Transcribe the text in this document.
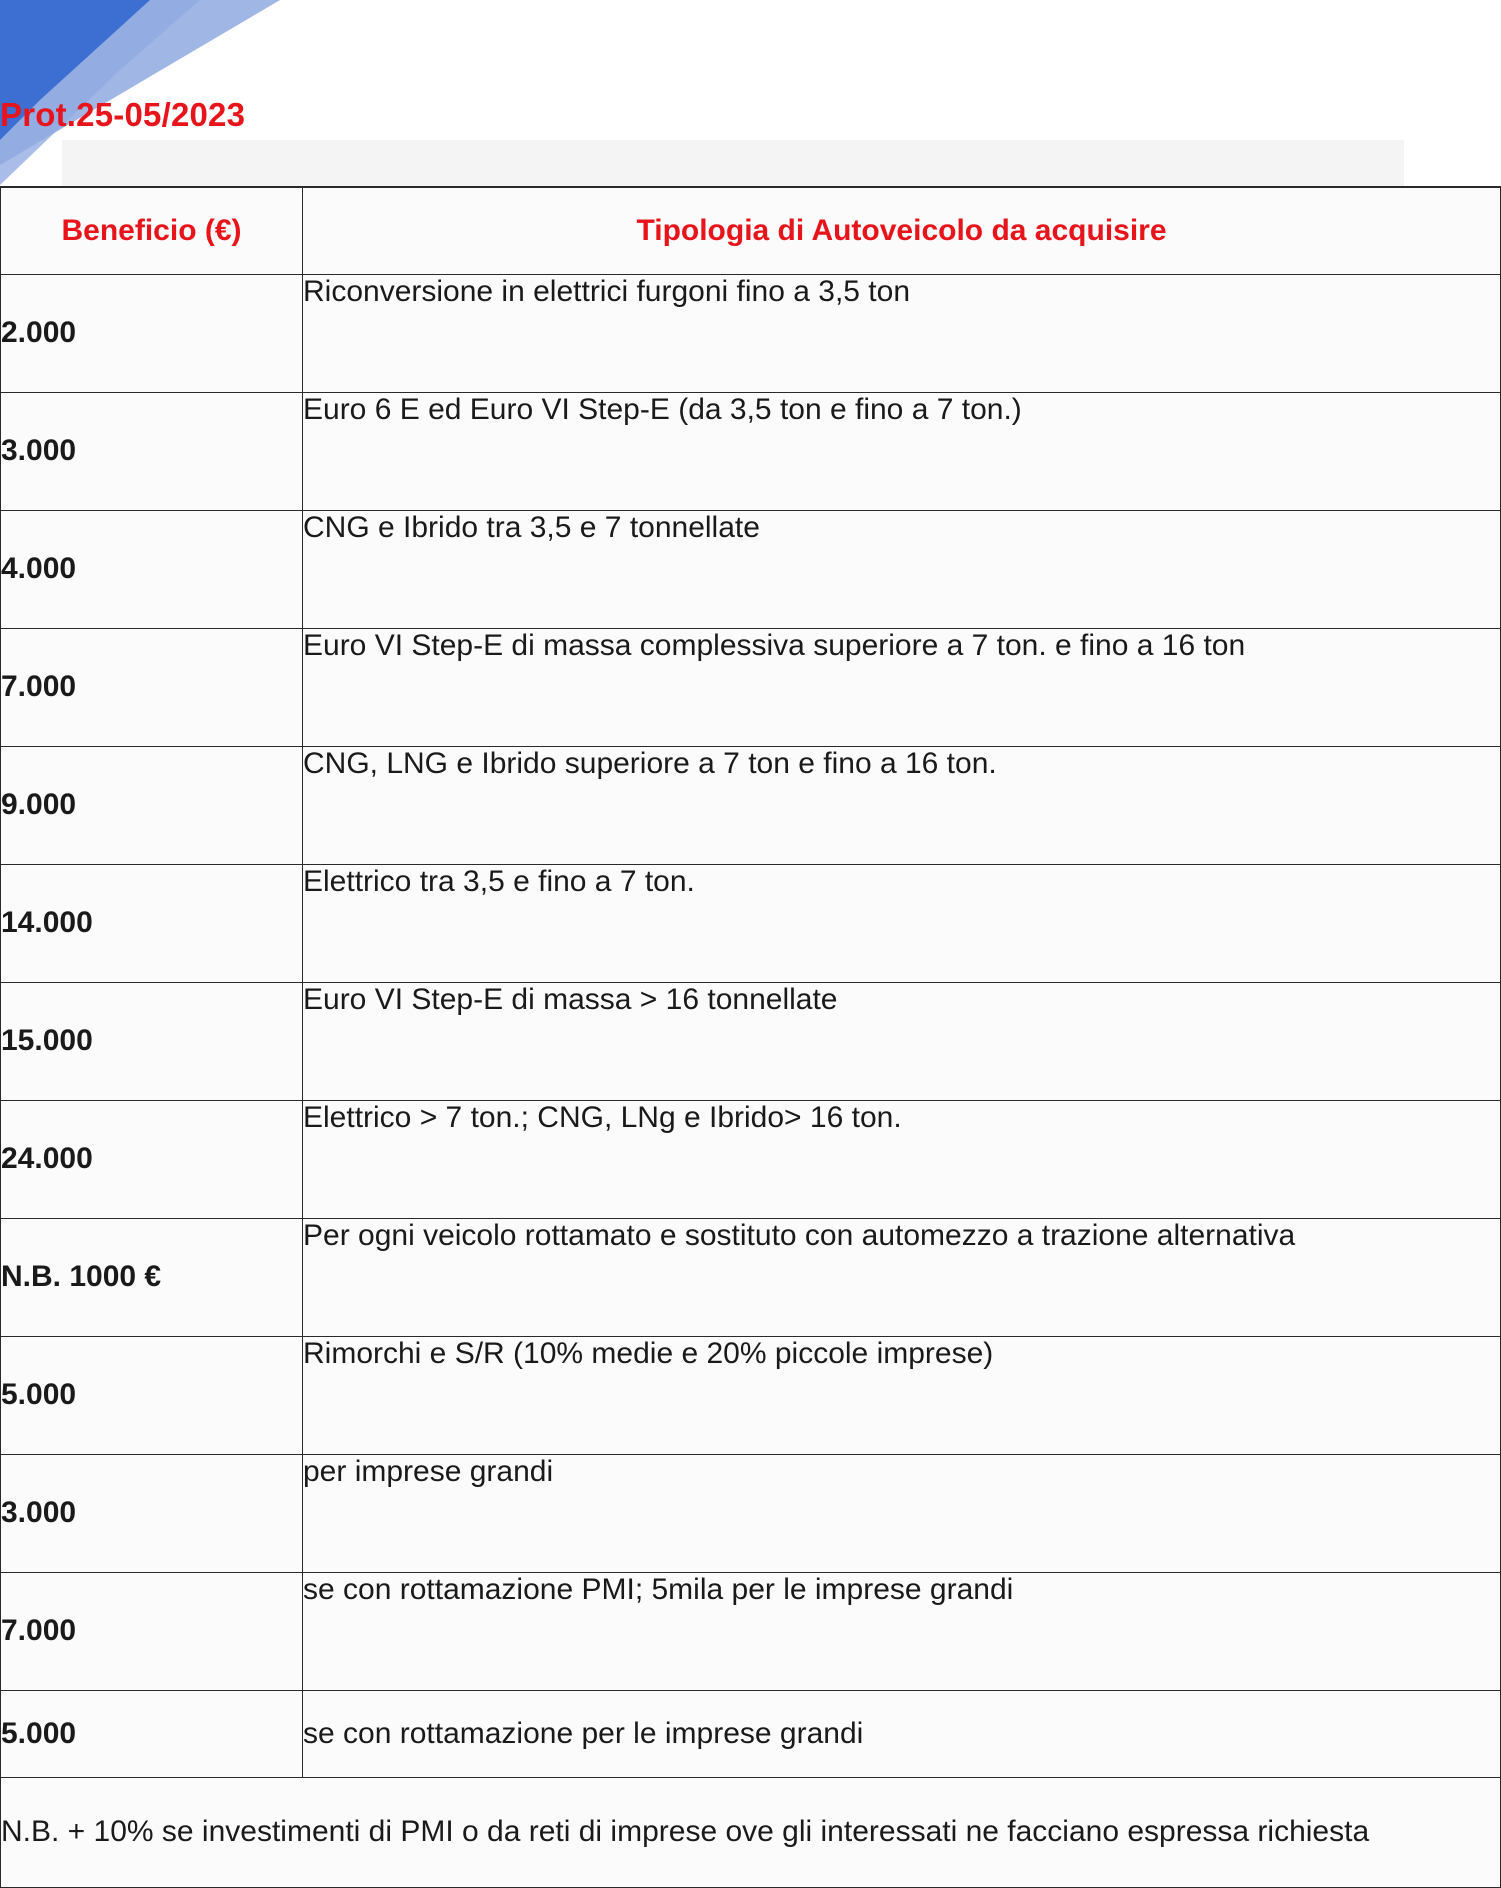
Prot.25-05/2023
Beneficio (€)	Tipologia di Autoveicolo da acquisire
2.000	Riconversione in elettrici furgoni fino a 3,5 ton
3.000	Euro 6 E ed Euro VI Step-E (da 3,5 ton e fino a 7 ton.)
4.000	CNG e Ibrido tra 3,5 e 7 tonnellate
7.000	Euro VI Step-E di massa complessiva superiore a 7 ton. e fino a 16 ton
9.000	CNG, LNG e Ibrido superiore a 7 ton e fino a 16 ton.
14.000	Elettrico tra 3,5 e fino a 7 ton.
15.000	Euro VI Step-E di massa > 16 tonnellate
24.000	Elettrico > 7 ton.; CNG, LNg e Ibrido> 16 ton.
N.B. 1000 €	Per ogni veicolo rottamato e sostituto con automezzo a trazione alternativa
5.000	Rimorchi e S/R (10% medie e 20% piccole imprese)
3.000	per imprese grandi
7.000	se con rottamazione PMI; 5mila per le imprese grandi
5.000	se con rottamazione per le imprese grandi
N.B. + 10% se investimenti di PMI o da reti di imprese ove gli interessati ne facciano espressa richiesta	
